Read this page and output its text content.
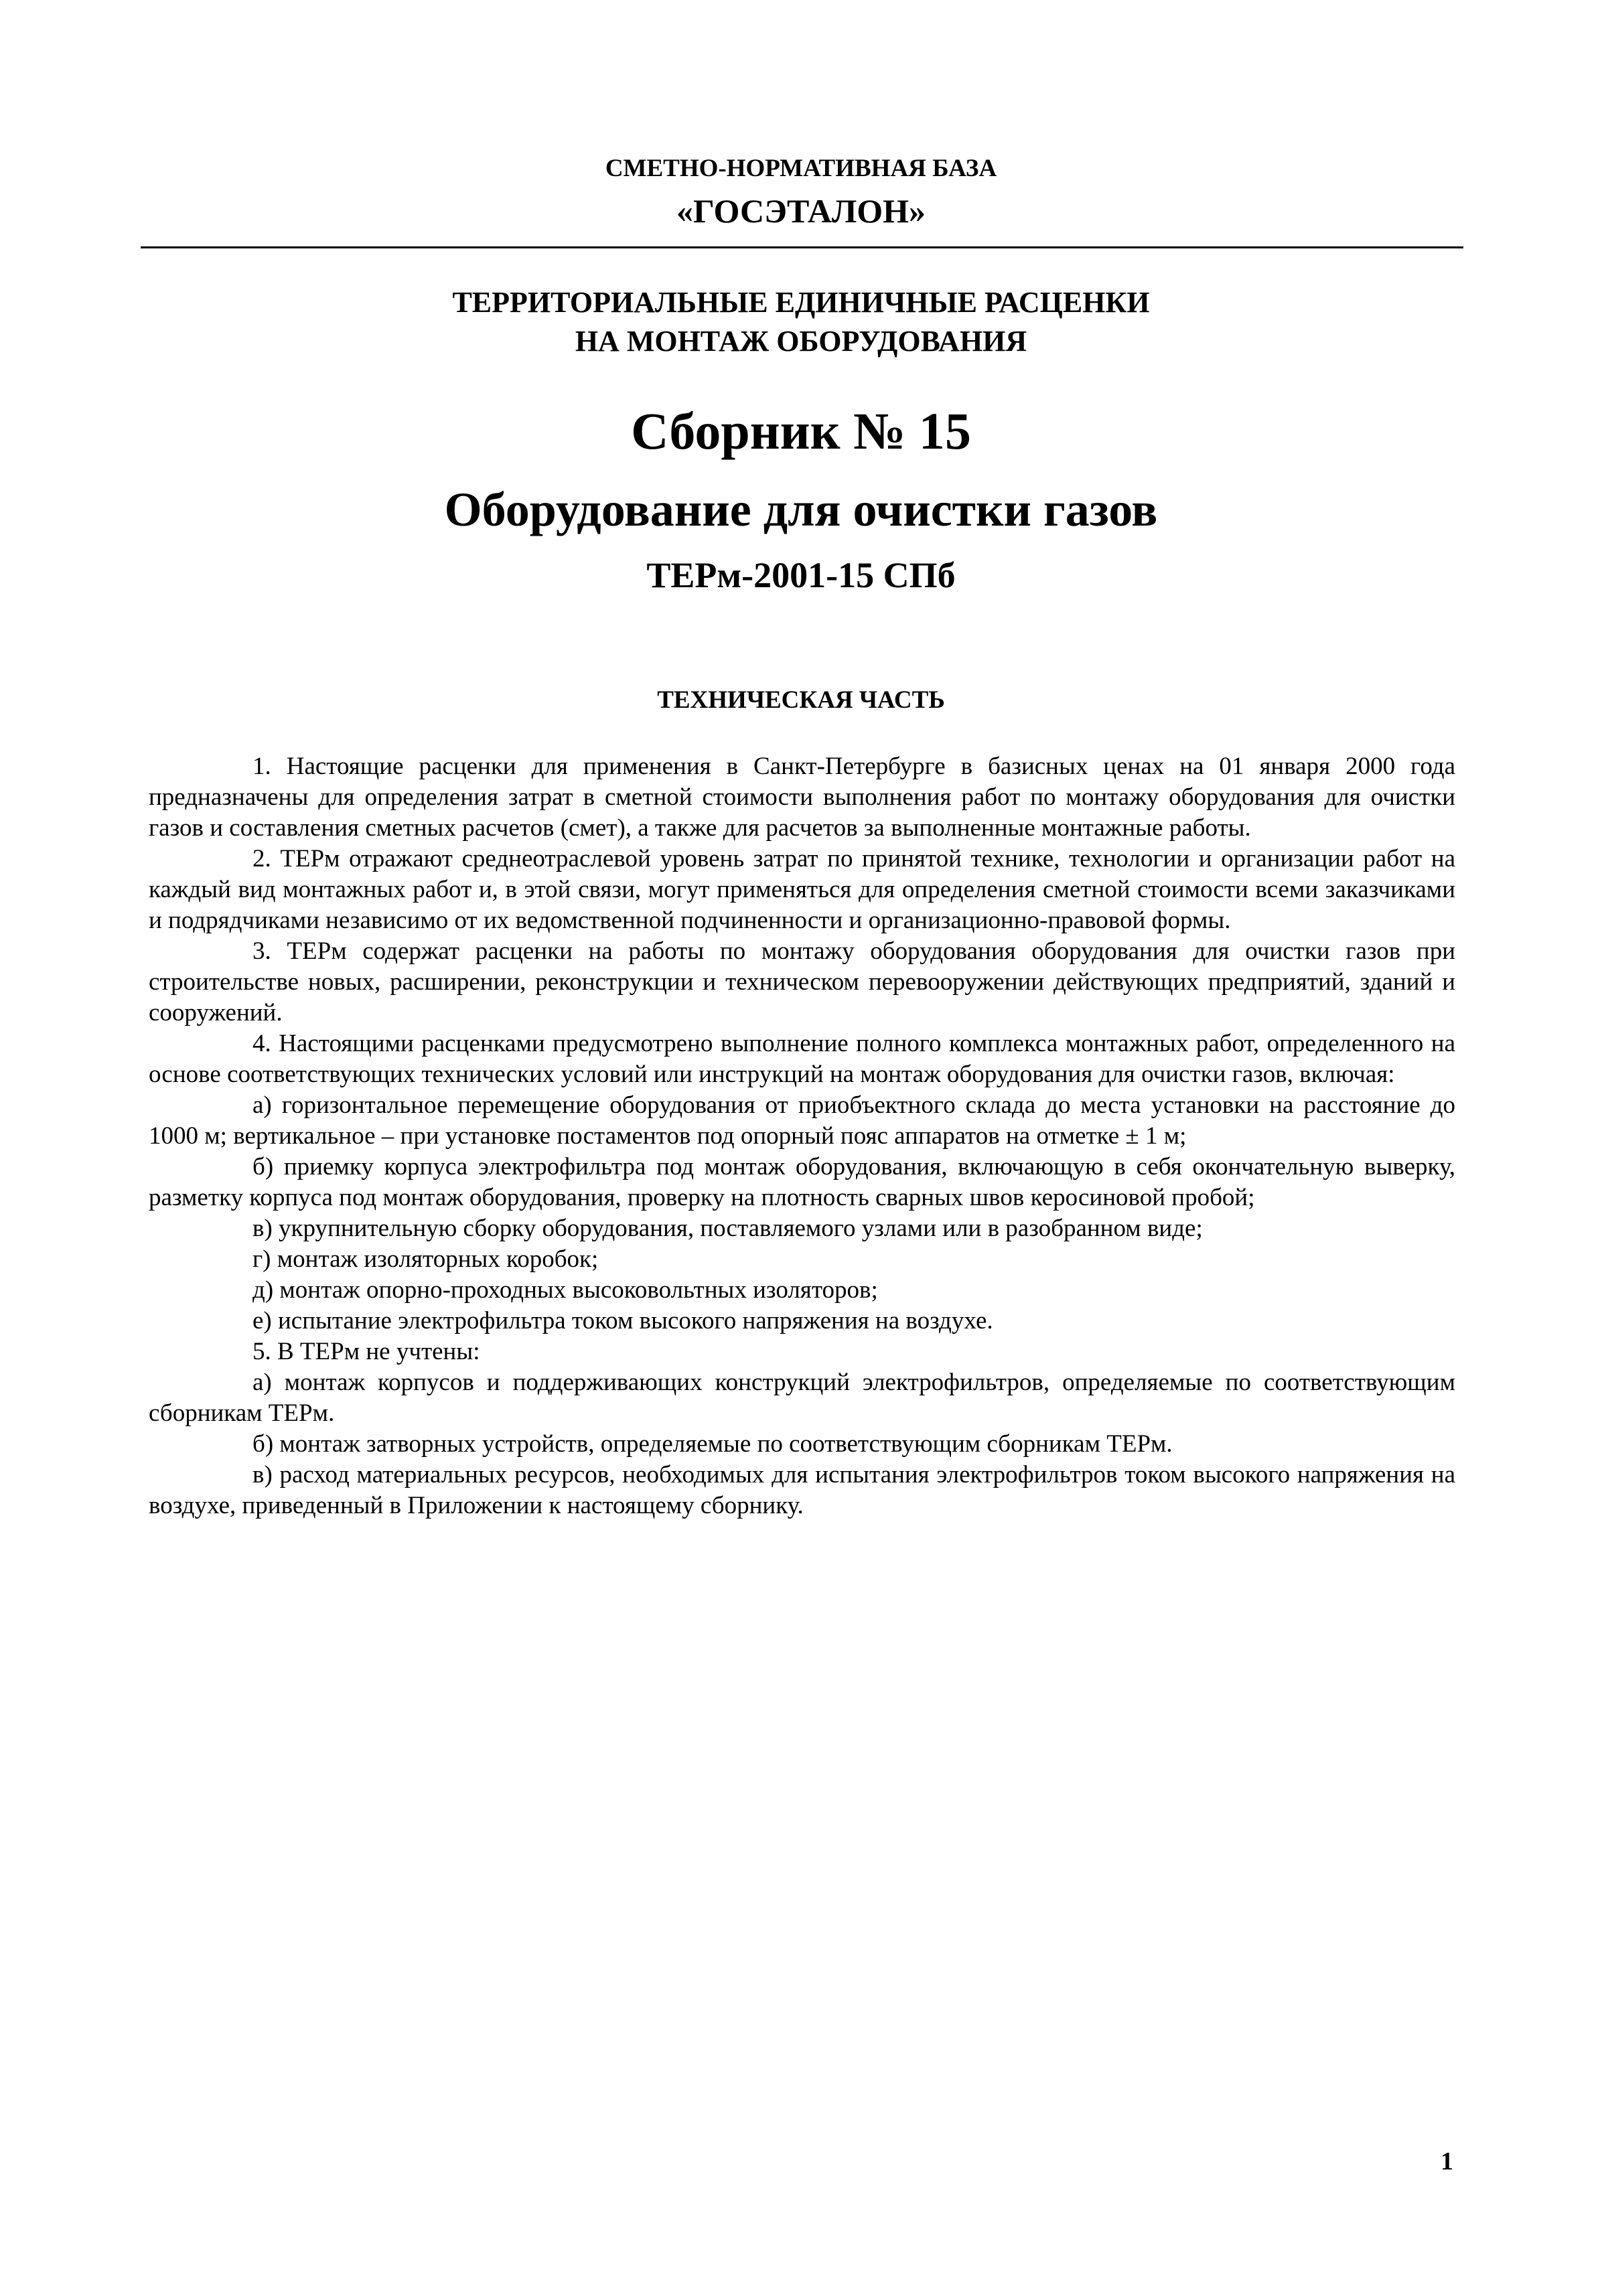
СМЕТНО-НОРМАТИВНАЯ БАЗА
«ГОСЭТАЛОН»
ТЕРРИТОРИАЛЬНЫЕ ЕДИНИЧНЫЕ РАСЦЕНКИ
НА МОНТАЖ ОБОРУДОВАНИЯ
Сборник № 15
Оборудование для очистки газов
ТЕРм-2001-15 СПб
ТЕХНИЧЕСКАЯ ЧАСТЬ

1. Настоящие расценки для применения в Санкт-Петербурге в базисных ценах на 01 января 2000 года предназначены для определения затрат в сметной стоимости выполнения работ по монтажу оборудования для очистки газов и составления сметных расчетов (смет), а также для расчетов за выполненные монтажные работы.

2. ТЕРм отражают среднеотраслевой уровень затрат по принятой технике, технологии и организации работ на каждый вид монтажных работ и, в этой связи, могут применяться для определения сметной стоимости всеми заказчиками и подрядчиками независимо от их ведомственной подчиненности и организационно-правовой формы.

3. ТЕРм содержат расценки на работы по монтажу оборудования оборудования для очистки газов при строительстве новых, расширении, реконструкции и техническом перевооружении действующих предприятий, зданий и сооружений.

4. Настоящими расценками предусмотрено выполнение полного комплекса монтажных работ, определенного на основе соответствующих технических условий или инструкций на монтаж оборудования для очистки газов, включая:

а) горизонтальное перемещение оборудования от приобъектного склада до места установки на расстояние до 1000 м; вертикальное – при установке постаментов под опорный пояс аппаратов на отметке ± 1 м;

б) приемку корпуса электрофильтра под монтаж оборудования, включающую в себя окончательную выверку, разметку корпуса под монтаж оборудования, проверку на плотность сварных швов керосиновой пробой;

в) укрупнительную сборку оборудования, поставляемого узлами или в разобранном виде;

г) монтаж изоляторных коробок;

д) монтаж опорно-проходных высоковольтных изоляторов;

е) испытание электрофильтра током высокого напряжения на воздухе.

5. В ТЕРм не учтены:

а) монтаж корпусов и поддерживающих конструкций электрофильтров, определяемые по соответствующим сборникам ТЕРм.

б) монтаж затворных устройств, определяемые по соответствующим сборникам ТЕРм.

в) расход материальных ресурсов, необходимых для испытания электрофильтров током высокого напряжения на воздухе, приведенный в Приложении к настоящему сборнику.

1
